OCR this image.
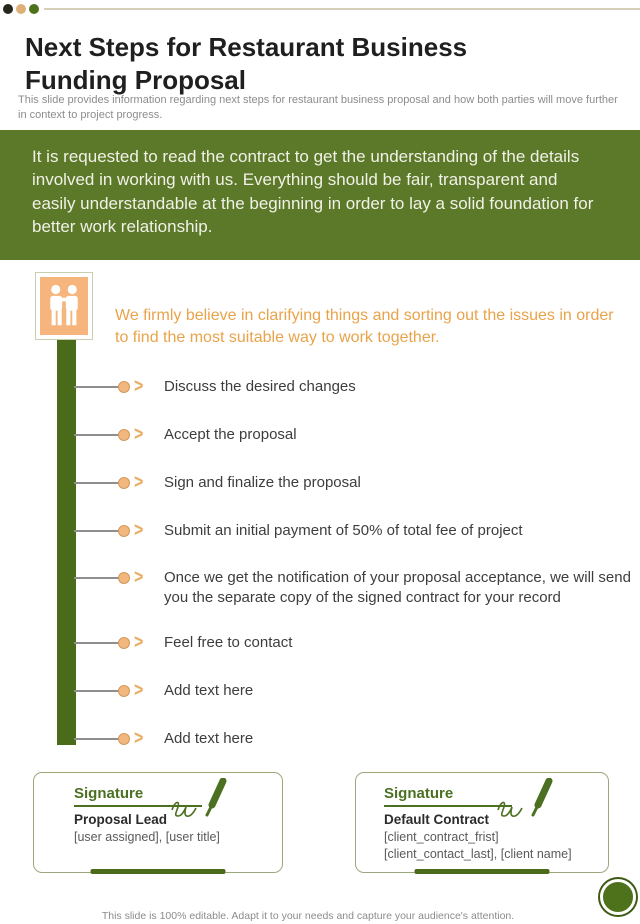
Next Steps for Restaurant Business Funding Proposal

This slide provides information regarding next steps for restaurant business proposal and how both parties will move further in context to project progress.

It is requested to read the contract to get the understanding of the details involved in working with us. Everything should be fair, transparent and easily understandable at the beginning in order to lay a solid foundation for better work relationship.

We firmly believe in clarifying things and sorting out the issues in order to find the most suitable way to work together.

> Discuss the desired changes
> Accept the proposal
> Sign and finalize the proposal
> Submit an initial payment of 50% of total fee of project
> Once we get the notification of your proposal acceptance, we will send you the separate copy of the signed contract for your record
> Feel free to contact
> Add text here
> Add text here

Signature

Proposal Lead

[user assigned], [user title]

Signature

Default Contract

[client_contract_frist]
[client_contact_last], [client name]

This slide is 100% editable. Adapt it to your needs and capture your audience's attention.
